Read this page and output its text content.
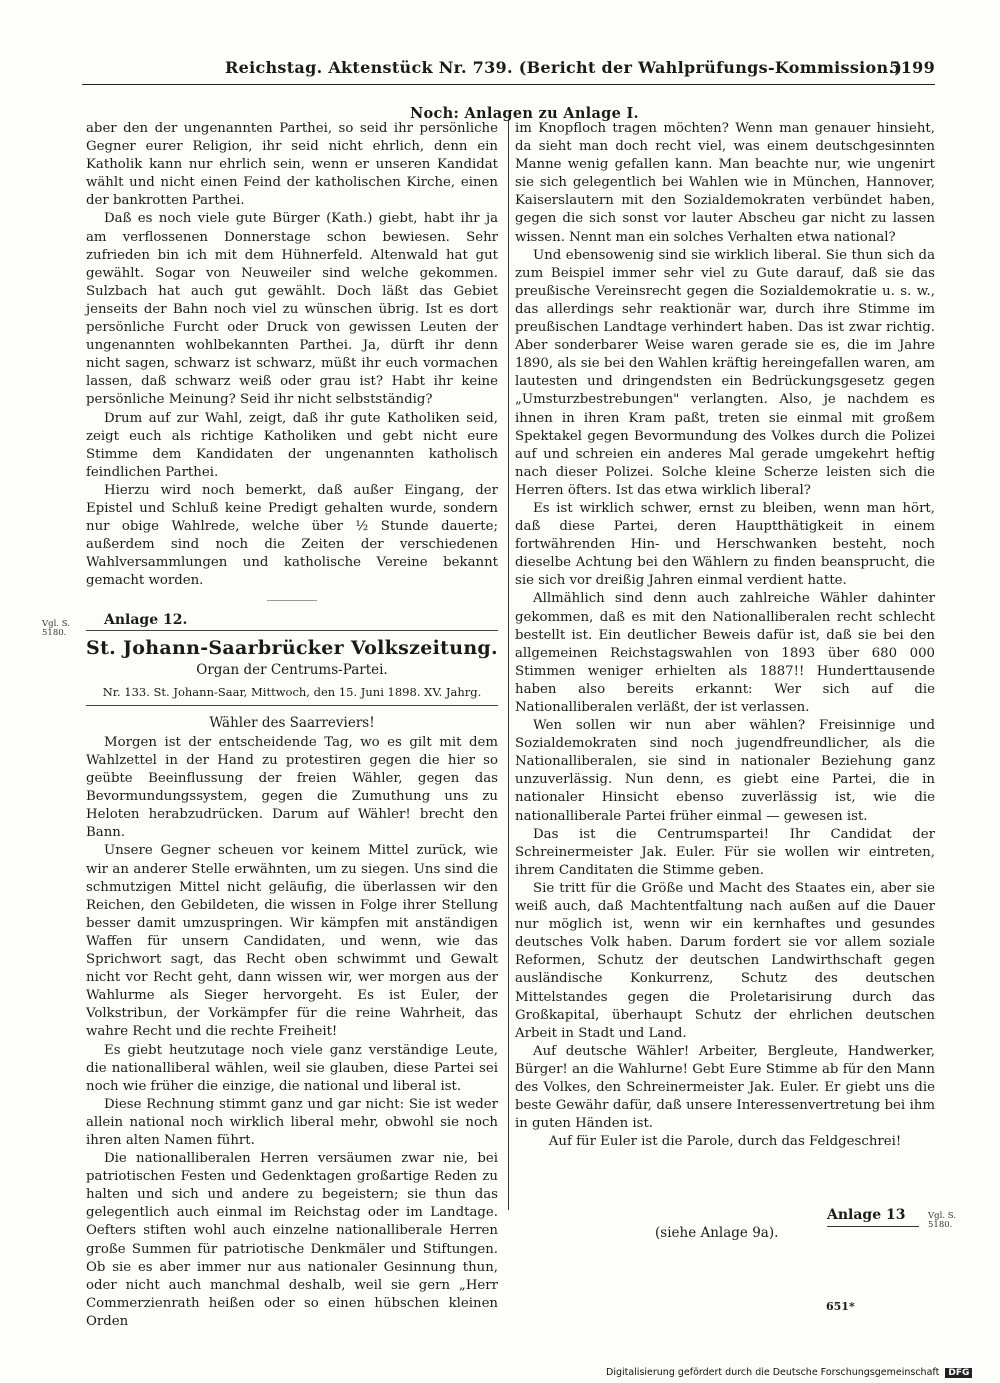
Reichstag. Aktenstück Nr. 739. (Bericht der Wahlprüfungs-Kommission.)
5199
Noch: Anlagen zu Anlage I.

aber den der ungenannten Parthei, so seid ihr persönliche Gegner eurer Religion, ihr seid nicht ehrlich, denn ein Katholik kann nur ehrlich sein, wenn er unseren Kandidat wählt und nicht einen Feind der katholischen Kirche, einen der bankrotten Parthei.

Daß es noch viele gute Bürger (Kath.) giebt, habt ihr ja am verflossenen Donnerstage schon bewiesen. Sehr zufrieden bin ich mit dem Hühnerfeld. Altenwald hat gut gewählt. Sogar von Neuweiler sind welche gekommen. Sulzbach hat auch gut gewählt. Doch läßt das Gebiet jenseits der Bahn noch viel zu wünschen übrig. Ist es dort persönliche Furcht oder Druck von gewissen Leuten der ungenannten wohlbekannten Parthei. Ja, dürft ihr denn nicht sagen, schwarz ist schwarz, müßt ihr euch vormachen lassen, daß schwarz weiß oder grau ist? Habt ihr keine persönliche Meinung? Seid ihr nicht selbstständig?

Drum auf zur Wahl, zeigt, daß ihr gute Katholiken seid, zeigt euch als richtige Katholiken und gebt nicht eure Stimme dem Kandidaten der ungenannten katholisch feindlichen Parthei.

Hierzu wird noch bemerkt, daß außer Eingang, der Epistel und Schluß keine Predigt gehalten wurde, sondern nur obige Wahlrede, welche über ½ Stunde dauerte; außerdem sind noch die Zeiten der verschiedenen Wahlversammlungen und katholische Vereine bekannt gemacht worden.

Anlage 12.

St. Johann-Saarbrücker Volkszeitung.
Organ der Centrums-Partei.
Nr. 133. St. Johann-Saar, Mittwoch, den 15. Juni 1898. XV. Jahrg.
Wähler des Saarreviers!

Morgen ist der entscheidende Tag, wo es gilt mit dem Wahlzettel in der Hand zu protestiren gegen die hier so geübte Beeinflussung der freien Wähler, gegen das Bevormundungssystem, gegen die Zumuthung uns zu Heloten herabzudrücken. Darum auf Wähler! brecht den Bann.

Unsere Gegner scheuen vor keinem Mittel zurück, wie wir an anderer Stelle erwähnten, um zu siegen. Uns sind die schmutzigen Mittel nicht geläufig, die überlassen wir den Reichen, den Gebildeten, die wissen in Folge ihrer Stellung besser damit umzuspringen. Wir kämpfen mit anständigen Waffen für unsern Candidaten, und wenn, wie das Sprichwort sagt, das Recht oben schwimmt und Gewalt nicht vor Recht geht, dann wissen wir, wer morgen aus der Wahlurme als Sieger hervorgeht. Es ist Euler, der Volkstribun, der Vorkämpfer für die reine Wahrheit, das wahre Recht und die rechte Freiheit!

Es giebt heutzutage noch viele ganz verständige Leute, die nationalliberal wählen, weil sie glauben, diese Partei sei noch wie früher die einzige, die national und liberal ist.

Diese Rechnung stimmt ganz und gar nicht: Sie ist weder allein national noch wirklich liberal mehr, obwohl sie noch ihren alten Namen führt.

Die nationalliberalen Herren versäumen zwar nie, bei patriotischen Festen und Gedenktagen großartige Reden zu halten und sich und andere zu begeistern; sie thun das gelegentlich auch einmal im Reichstag oder im Landtage. Oefters stiften wohl auch einzelne nationalliberale Herren große Summen für patriotische Denkmäler und Stiftungen. Ob sie es aber immer nur aus nationaler Gesinnung thun, oder nicht auch manchmal deshalb, weil sie gern „Herr Commerzienrath heißen oder so einen hübschen kleinen Orden

Vgl. S. 5180.

im Knopfloch tragen möchten? Wenn man genauer hinsieht, da sieht man doch recht viel, was einem deutschgesinnten Manne wenig gefallen kann. Man beachte nur, wie ungenirt sie sich gelegentlich bei Wahlen wie in München, Hannover, Kaiserslautern mit den Sozialdemokraten verbündet haben, gegen die sich sonst vor lauter Abscheu gar nicht zu lassen wissen. Nennt man ein solches Verhalten etwa national?

Und ebensowenig sind sie wirklich liberal. Sie thun sich da zum Beispiel immer sehr viel zu Gute darauf, daß sie das preußische Vereinsrecht gegen die Sozialdemokratie u. s. w., das allerdings sehr reaktionär war, durch ihre Stimme im preußischen Landtage verhindert haben. Das ist zwar richtig. Aber sonderbarer Weise waren gerade sie es, die im Jahre 1890, als sie bei den Wahlen kräftig hereingefallen waren, am lautesten und dringendsten ein Bedrückungsgesetz gegen „Umsturzbestrebungen" verlangten. Also, je nachdem es ihnen in ihren Kram paßt, treten sie einmal mit großem Spektakel gegen Bevormundung des Volkes durch die Polizei auf und schreien ein anderes Mal gerade umgekehrt heftig nach dieser Polizei. Solche kleine Scherze leisten sich die Herren öfters. Ist das etwa wirklich liberal?

Es ist wirklich schwer, ernst zu bleiben, wenn man hört, daß diese Partei, deren Hauptthätigkeit in einem fortwährenden Hin- und Herschwanken besteht, noch dieselbe Achtung bei den Wählern zu finden beansprucht, die sie sich vor dreißig Jahren einmal verdient hatte.

Allmählich sind denn auch zahlreiche Wähler dahinter gekommen, daß es mit den Nationalliberalen recht schlecht bestellt ist. Ein deutlicher Beweis dafür ist, daß sie bei den allgemeinen Reichstagswahlen von 1893 über 680 000 Stimmen weniger erhielten als 1887!! Hunderttausende haben also bereits erkannt: Wer sich auf die Nationalliberalen verläßt, der ist verlassen.

Wen sollen wir nun aber wählen? Freisinnige und Sozialdemokraten sind noch jugendfreundlicher, als die Nationalliberalen, sie sind in nationaler Beziehung ganz unzuverlässig. Nun denn, es giebt eine Partei, die in nationaler Hinsicht ebenso zuverlässig ist, wie die nationalliberale Partei früher einmal — gewesen ist.

Das ist die Centrumspartei! Ihr Candidat der Schreinermeister Jak. Euler. Für sie wollen wir eintreten, ihrem Canditaten die Stimme geben.

Sie tritt für die Größe und Macht des Staates ein, aber sie weiß auch, daß Machtentfaltung nach außen auf die Dauer nur möglich ist, wenn wir ein kernhaftes und gesundes deutsches Volk haben. Darum fordert sie vor allem soziale Reformen, Schutz der deutschen Landwirthschaft gegen ausländische Konkurrenz, Schutz des deutschen Mittelstandes gegen die Proletarisirung durch das Großkapital, überhaupt Schutz der ehrlichen deutschen Arbeit in Stadt und Land.

Auf deutsche Wähler! Arbeiter, Bergleute, Handwerker, Bürger! an die Wahlurne! Gebt Eure Stimme ab für den Mann des Volkes, den Schreinermeister Jak. Euler. Er giebt uns die beste Gewähr dafür, daß unsere Interessenvertretung bei ihm in guten Händen ist.

Auf für Euler ist die Parole, durch das Feldgeschrei!
Anlage 13	Vgl. S. 5180.
(siehe Anlage 9a).
651*
Digitalisierung gefördert durch die Deutsche Forschungsgemeinschaft DFG
